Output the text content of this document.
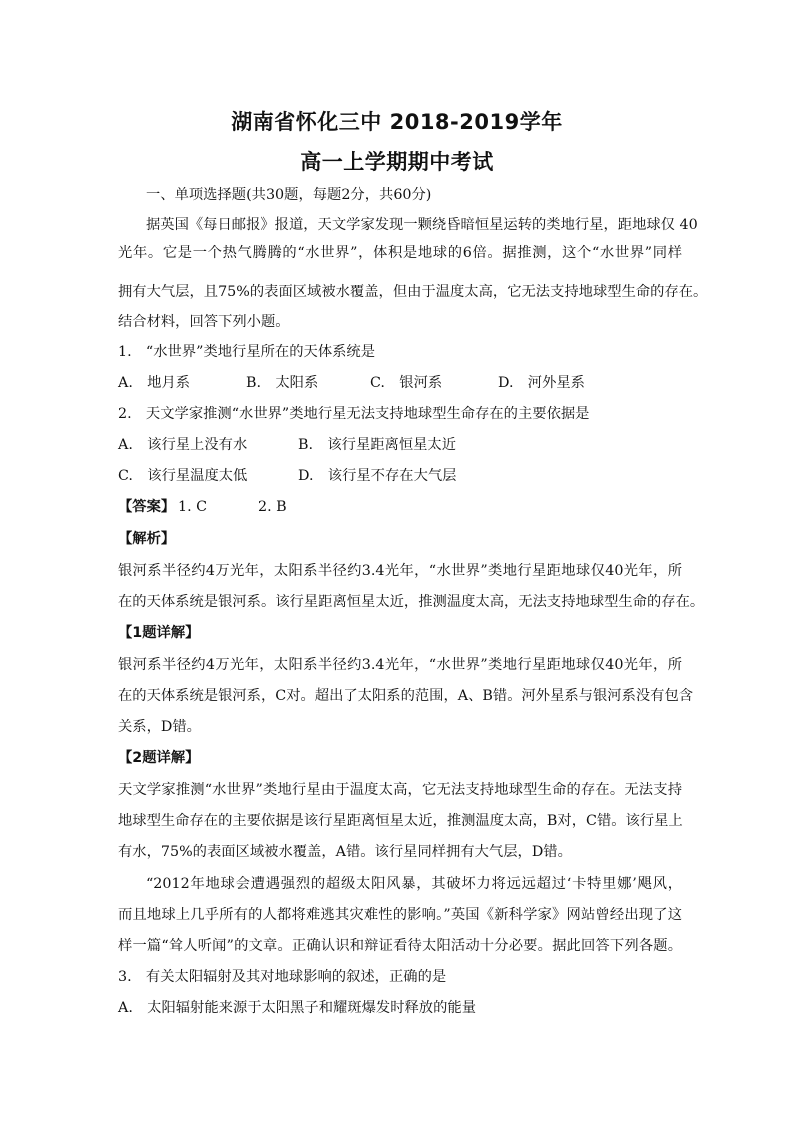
湖南省怀化三中 2018-2019学年
高一上学期期中考试
一、单项选择题(共30题，每题2分，共60分)
据英国《每日邮报》报道，天文学家发现一颗绕昏暗恒星运转的类地行星，距地球仅 40
光年。它是一个热气腾腾的“水世界”，体积是地球的6倍。据推测，这个“水世界”同样
拥有大气层，且75%的表面区域被水覆盖，但由于温度太高，它无法支持地球型生命的存在。
结合材料，回答下列小题。
1.　“水世界”类地行星所在的天体系统是
A.　地月系	B.　太阳系	C.　银河系	D.　河外星系
2.　天文学家推测“水世界”类地行星无法支持地球型生命存在的主要依据是
A.　该行星上没有水	B.　该行星距离恒星太近
C.　该行星温度太低	D.　该行星不存在大气层
【答案】 1. C	2. B
【解析】
银河系半径约4万光年，太阳系半径约3.4光年，“水世界”类地行星距地球仅40光年，所
在的天体系统是银河系。该行星距离恒星太近，推测温度太高，无法支持地球型生命的存在。
【1题详解】
银河系半径约4万光年，太阳系半径约3.4光年，“水世界”类地行星距地球仅40光年，所
在的天体系统是银河系，C对。超出了太阳系的范围，A、B错。河外星系与银河系没有包含
关系，D错。
【2题详解】
天文学家推测“水世界”类地行星由于温度太高，它无法支持地球型生命的存在。无法支持
地球型生命存在的主要依据是该行星距离恒星太近，推测温度太高，B对，C错。该行星上
有水，75%的表面区域被水覆盖，A错。该行星同样拥有大气层，D错。
“2012年地球会遭遇强烈的超级太阳风暴，其破坏力将远远超过‘卡特里娜’飓风，
而且地球上几乎所有的人都将难逃其灾难性的影响。”英国《新科学家》网站曾经出现了这
样一篇“耸人听闻”的文章。正确认识和辩证看待太阳活动十分必要。据此回答下列各题。
3.　有关太阳辐射及其对地球影响的叙述，正确的是
A.　太阳辐射能来源于太阳黑子和耀斑爆发时释放的能量
